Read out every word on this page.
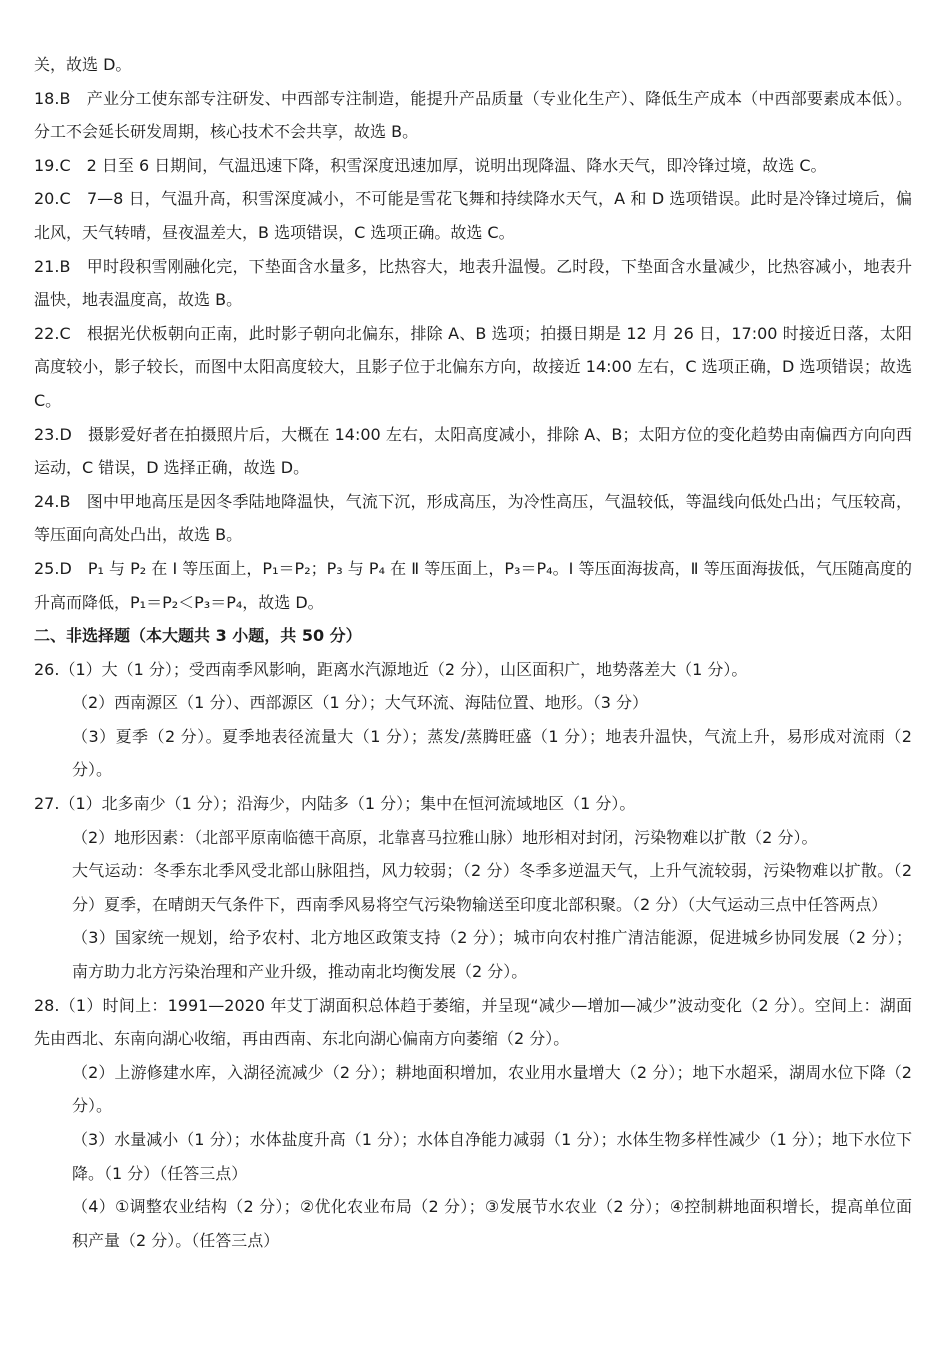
关，故选 D。

18.B　产业分工使东部专注研发、中西部专注制造，能提升产品质量（专业化生产）、降低生产成本（中西部要素成本低）。分工不会延长研发周期，核心技术不会共享，故选 B。

19.C　2 日至 6 日期间，气温迅速下降，积雪深度迅速加厚，说明出现降温、降水天气，即冷锋过境，故选 C。

20.C　7—8 日，气温升高，积雪深度减小，不可能是雪花飞舞和持续降水天气，A 和 D 选项错误。此时是冷锋过境后，偏北风，天气转晴，昼夜温差大，B 选项错误，C 选项正确。故选 C。

21.B　甲时段积雪刚融化完，下垫面含水量多，比热容大，地表升温慢。乙时段，下垫面含水量减少，比热容减小，地表升温快，地表温度高，故选 B。

22.C　根据光伏板朝向正南，此时影子朝向北偏东，排除 A、B 选项；拍摄日期是 12 月 26 日，17:00 时接近日落，太阳高度较小，影子较长，而图中太阳高度较大，且影子位于北偏东方向，故接近 14:00 左右，C 选项正确，D 选项错误；故选 C。

23.D　摄影爱好者在拍摄照片后，大概在 14:00 左右，太阳高度减小，排除 A、B；太阳方位的变化趋势由南偏西方向向西运动，C 错误，D 选择正确，故选 D。

24.B　图中甲地高压是因冬季陆地降温快，气流下沉，形成高压，为冷性高压，气温较低，等温线向低处凸出；气压较高，等压面向高处凸出，故选 B。

25.D　P₁ 与 P₂ 在 Ⅰ 等压面上，P₁＝P₂；P₃ 与 P₄ 在 Ⅱ 等压面上，P₃＝P₄。Ⅰ 等压面海拔高，Ⅱ 等压面海拔低，气压随高度的升高而降低，P₁＝P₂＜P₃＝P₄，故选 D。

二、非选择题（本大题共 3 小题，共 50 分）

26.（1）大（1 分）；受西南季风影响，距离水汽源地近（2 分），山区面积广，地势落差大（1 分）。

（2）西南源区（1 分）、西部源区（1 分）；大气环流、海陆位置、地形。（3 分）

（3）夏季（2 分）。夏季地表径流量大（1 分）；蒸发/蒸腾旺盛（1 分）；地表升温快，气流上升，易形成对流雨（2 分）。

27.（1）北多南少（1 分）；沿海少，内陆多（1 分）；集中在恒河流域地区（1 分）。

（2）地形因素：（北部平原南临德干高原，北靠喜马拉雅山脉）地形相对封闭，污染物难以扩散（2 分）。

大气运动：冬季东北季风受北部山脉阻挡，风力较弱；（2 分）冬季多逆温天气，上升气流较弱，污染物难以扩散。（2 分）夏季，在晴朗天气条件下，西南季风易将空气污染物输送至印度北部积聚。（2 分）（大气运动三点中任答两点）

（3）国家统一规划，给予农村、北方地区政策支持（2 分）；城市向农村推广清洁能源，促进城乡协同发展（2 分）；南方助力北方污染治理和产业升级，推动南北均衡发展（2 分）。

28.（1）时间上：1991—2020 年艾丁湖面积总体趋于萎缩，并呈现“减少—增加—减少”波动变化（2 分）。空间上：湖面先由西北、东南向湖心收缩，再由西南、东北向湖心偏南方向萎缩（2 分）。

（2）上游修建水库，入湖径流减少（2 分）；耕地面积增加，农业用水量增大（2 分）；地下水超采，湖周水位下降（2 分）。

（3）水量减小（1 分）；水体盐度升高（1 分）；水体自净能力减弱（1 分）；水体生物多样性减少（1 分）；地下水位下降。（1 分）（任答三点）

（4）①调整农业结构（2 分）；②优化农业布局（2 分）；③发展节水农业（2 分）；④控制耕地面积增长，提高单位面积产量（2 分）。（任答三点）
